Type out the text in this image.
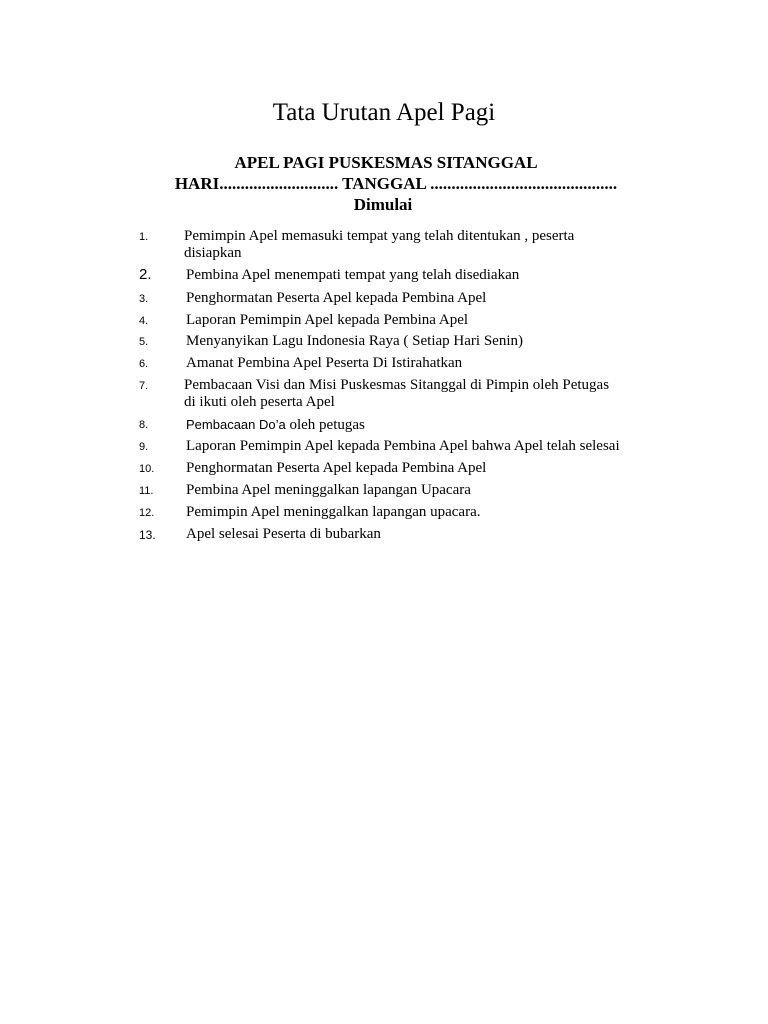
Tata Urutan Apel Pagi

APEL PAGI PUSKESMAS SITANGGAL

HARI............................ TANGGAL ............................................

Dimulai

1. Pemimpin Apel memasuki tempat yang telah ditentukan , peserta
disiapkan
2. Pembina Apel menempati tempat yang telah disediakan
3.	Penghormatan Peserta Apel kepada Pembina Apel
4.	Laporan Pemimpin Apel kepada Pembina Apel
5.	Menyanyikan Lagu Indonesia Raya ( Setiap Hari Senin)
6.	Amanat Pembina Apel Peserta Di Istirahatkan
7. Pembacaan Visi dan Misi Puskesmas Sitanggal di Pimpin oleh Petugas
di ikuti oleh peserta Apel
8.	Pembacaan Do’a oleh petugas
9.	Laporan Pemimpin Apel kepada Pembina Apel bahwa Apel telah selesai
10. Penghormatan Peserta Apel kepada Pembina Apel
11. Pembina Apel meninggalkan lapangan Upacara
12. Pemimpin Apel meninggalkan lapangan upacara.
13. Apel selesai Peserta di bubarkan
